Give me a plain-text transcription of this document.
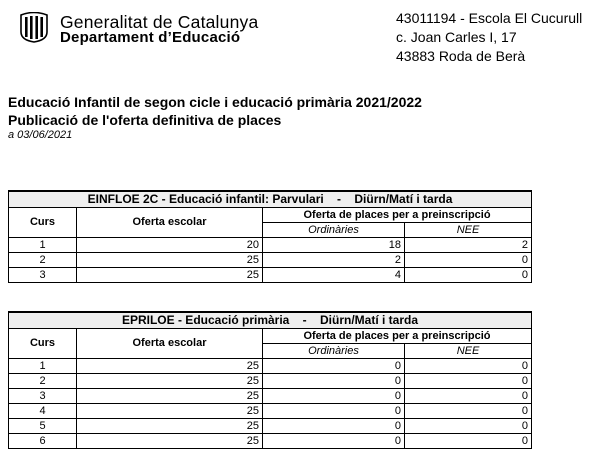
Generalitat de Catalunya
Departament d’Educació
43011194 - Escola El Cucurull
c. Joan Carles I, 17
43883 Roda de Berà
Educació Infantil de segon cicle i educació primària 2021/2022
Publicació de l'oferta definitiva de places
a 03/06/2021
EINFLOE 2C - Educació infantil: Parvulari    -    Diürn/Matí i tarda			
Curs	Oferta escolar	Oferta de places per a preinscripció	
		Ordinàries	NEE
1	20	18	2
2	25	2	0
3	25	4	0
EPRILOE - Educació primària    -    Diürn/Matí i tarda			
Curs	Oferta escolar	Oferta de places per a preinscripció	
		Ordinàries	NEE
1	25	0	0
2	25	0	0
3	25	0	0
4	25	0	0
5	25	0	0
6	25	0	0
